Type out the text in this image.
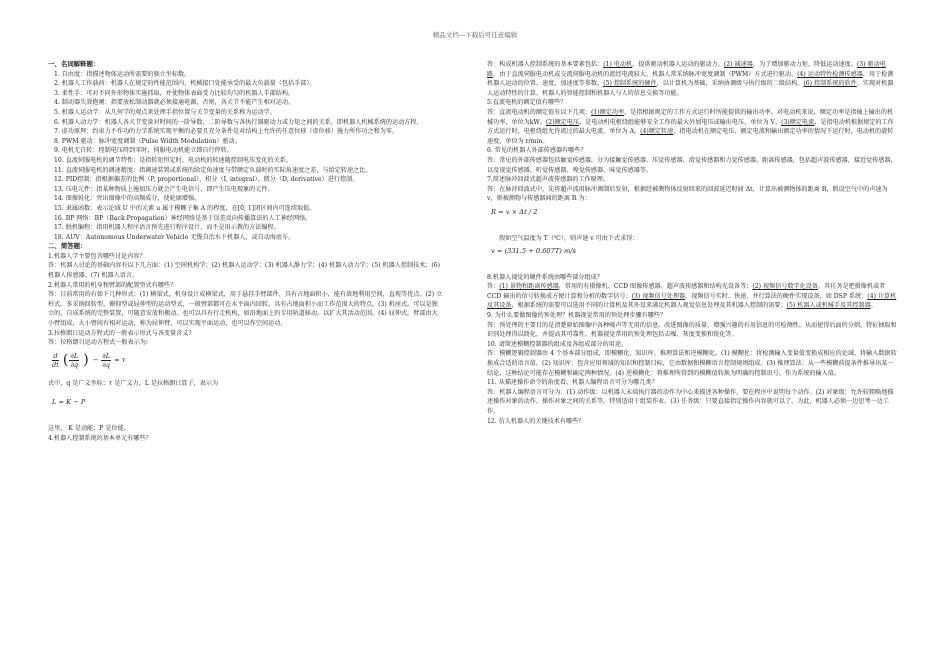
精品文档---下载后可任意编辑

一、名词解释题：

1. 自由度：指描述物体运动所需要的独立坐标数。

2. 机器人工作载荷：机器人在规定的性能范围内，机械接口处能承受的最大负载量（包括手部）。

3. 柔性手：可对不同外形物体实施抓取，并使物体表面受力比较均匀的机器人手部结构。

4. 制动器失效抱闸：指要放松制动器就必须接通电源，否则，各关节不能产生相对运动。

5. 机器人运动学：从几何学的观点来处理手指位置与关节变量的关系称为运动学。

6. 机器人动力学：机器人各关节变量对时间的一阶导数、二阶导数与各执行器驱动力或力矩之间的关系，即机器人机械系统的运动方程。

7. 虚功原理：约束力不作功的力学系统实现平衡的必要且充分条件是对结构上允许的任意位移（虚位移）施力所作功之和为零。

8. PWM 驱动：脉冲宽度调制（Pulse Width Modulation）驱动。

9. 电机无自转：控制电压降到零时，伺服电动机能立即自行停转。

10. 直流伺服电机的调节特性：是指转矩恒定时，电动机的转速随控制电压变化的关系。

11. 直流伺服电机的调速精度：指调速装置或系统的给定角速度与带额定负载时的实际角速度之差，与给定转速之比。

12. PID控制：指根据偏差的比例（P, proportional）、积分（I, integral）、微分（D, derivative）进行控制。

13. 压电元件：指某种物质上施加压力就会产生电信号，即产生压电现象的元件。

14. 图像锐化：突出图像中的高频成分，使轮廓增强。

15. 隶属函数：表示论域 U 中的元素 u 属于模糊子集 A 的程度，在[0, 1]闭区间内可连续取值。

16. BP 网络：BP（Back Propagation）神经网络是基于误差反向传播算法的人工神经网络。

17. 脱机编程：指用机器人程序语言预先进行程序设计，而不是用示教的方法编程。

18. AUV：Autonomous Underwater Vehicle 无缆自治水下机器人，或自动海底车。

二、简答题：

1.机器人学主要包含哪些讨论内容？

答：机器人讨论的基础内容有以下几方面：(1) 空间机构学；(2) 机器人运动学；(3) 机器人静力学；(4) 机器人动力学；(5) 机器人控制技术；(6) 机器人传感器；(7) 机器人语言。

2.机器人常用的机身和臂部的配置型式有哪些？

答：目前常用的有如下几种形式：(1) 横梁式。机身设计成横梁式，用于悬挂手臂部件，具有占地面积小，能有效地利用空间，直观等优点。(2) 立柱式。多采纳回转型、俯仰型或屈伸型的运动型式，一般臂部都可在水平面内回转，具有占地面积小而工作范围大的特点。(3) 机座式。可以是独立的、自成系统的完整装置，可随意安放和搬动。也可以具有行走机构，如沿地面上的专用轨道移动，以扩大其活动范围。(4) 屈伸式。臂部由大小臂组成，大小臂间有相对运动，称为屈伸臂，可以实现平面运动，也可以作空间运动。

3.拉格朗日运动方程式的一般表示形式与各变量含义？

答：拉格朗日运动方程式一般表示为:

$\frac{d}{dt}$ ( $\frac{\partial L}{\partial q̇}$ ) − $\frac{\partial L}{\partial q} = \tau$

式中，q 是广义坐标；τ 是广义力，L 是拉格朗日算子，表示为

L = K − P

这里， K 是动能；P 是位能。

4.机器人控制系统的基本单元有哪些？

答：构成机器人控制系统的基本要素包括：(1) 电动机，提供驱动机器人运动的驱动力。(2) 减速器，为了增加驱动力矩，降低运动速度。(3) 驱动电路，由于直流伺服电动机或交流伺服电动机的流经电流较大，机器人常采纳脉冲宽度调制（PWM）方式进行驱动。(4) 运动特性检测传感器，用于检测机器人运动的位置、速度、加速度等参数。(5) 控制系统的硬件，以计算机为基础，采纳协调级与执行级的二级结构。(6) 控制系统的软件，实现对机器人运动特性的计算、机器人的智能控制和机器人与人的信息交换等功能。

5.直流电机的额定值有哪些？

答：直流电动机的额定值有以下几项：(1)额定功率，是指根据规定的工作方式运行时所能提供的输出功率。对电动机来说，额定功率是指轴上输出的机械功率，单位为kW。(2)额定电压，是电动机电枢绕组能够安全工作的最大外加电压或输出电压，单位为 V。(3)额定电流，是指电动机根据规定的工作方式运行时，电枢绕组允许流过的最大电流，单位为 A。(4)额定转速，指电动机在额定电压、额定电流和输出额定功率的情况下运行时，电动机的旋转速度，单位为 r/min。

6. 常见的机器人外部传感器有哪些？

答：常见的外部传感器包括触觉传感器，分为接触觉传感器、压觉传感器、滑觉传感器和力觉传感器。距离传感器，包括超声波传感器，接近觉传感器，以及视觉传感器、听觉传感器、嗅觉传感器、味觉传感器等。

7.简述脉冲回波式超声波传感器的工作原理。

答：在脉冲回波式中，先将超声波用脉冲调制后发射，根据经被测物体反射回来的回波延迟时间 Δt，计算出被测物体的距离 R，假设空气中的声速为 v，则被测物与传感器间的距离 R 为：

R = v × Δt / 2

假如空气温度为 T（℃），则声速 v 可由下式求得：

v = (331.5 + 0.607T) m/s

8.机器人视觉的硬件系统由哪些部分组成？

答：(1) 景物和距离传感器，常用的有摄像机、CCD 图像传感器、超声波传感器和结构光设备等；(2) 视频信号数字化设备，其任务是把摄像机或者 CCD 输出的信号转换成方便计算和分析的数字信号；(3) 视频信号处理器，视频信号实时、快速、并行算法的硬件实现设备，如 DSP 系统；(4) 计算机及其设备，根据系统的需要可以选用不同的计算机及其外设来满足机器人视觉信息处理及其机器人控制的需要；(5) 机器人或机械手及其控制器。

9. 为什么要做图像的预处理？机器视觉常用的预处理步骤有哪些？

答：预处理的主要目的是清楚原始图像中各种噪声等无用的信息，改进图像的质量，增强兴趣的有用信息的可检测性。从而使得后面的分割、特征抽取和识别处理得以简化，并提高其可靠性。机器视觉常用的预处理包括去噪、灰度变换和锐化等。

10. 请简述模糊控制器的组成及各组成部分的用途。

答：模糊逻辑控制器由 4 个基本部分组成，即模糊化、知识库、推理算法和逆模糊化。(1) 模糊化：将检测输入变量值变换成相应的论域，将输入数据转换成合适的语言值。(2) 知识库：包含应用领域的知识和控制目标，它由数据和模糊语言控制规则组成。(3) 推理算法：从一些模糊前提条件推导出某一结论，这种结论可能存在模糊和确定两种情况。(4) 逆模糊化：将推理所得到的模糊值转换为明确的控制讯号，作为系统的输入值。

11. 从描述操作命令的角度看，机器人编程语言可分为哪几类？

答：机器人编程语言可分为：(1) 动作级：以机器人末端执行器的动作为中心来描述各种操作，要在程序中说明每个动作。(2) 对象级：允许较粗略地描述操作对象的动作、操作对象之间的关系等。特别适用于组装作业。(3) 任务级：只要直接指定操作内容就可以了，为此，机器人必须一边思考一边工作。

12. 仿人机器人的关键技术有哪些？
